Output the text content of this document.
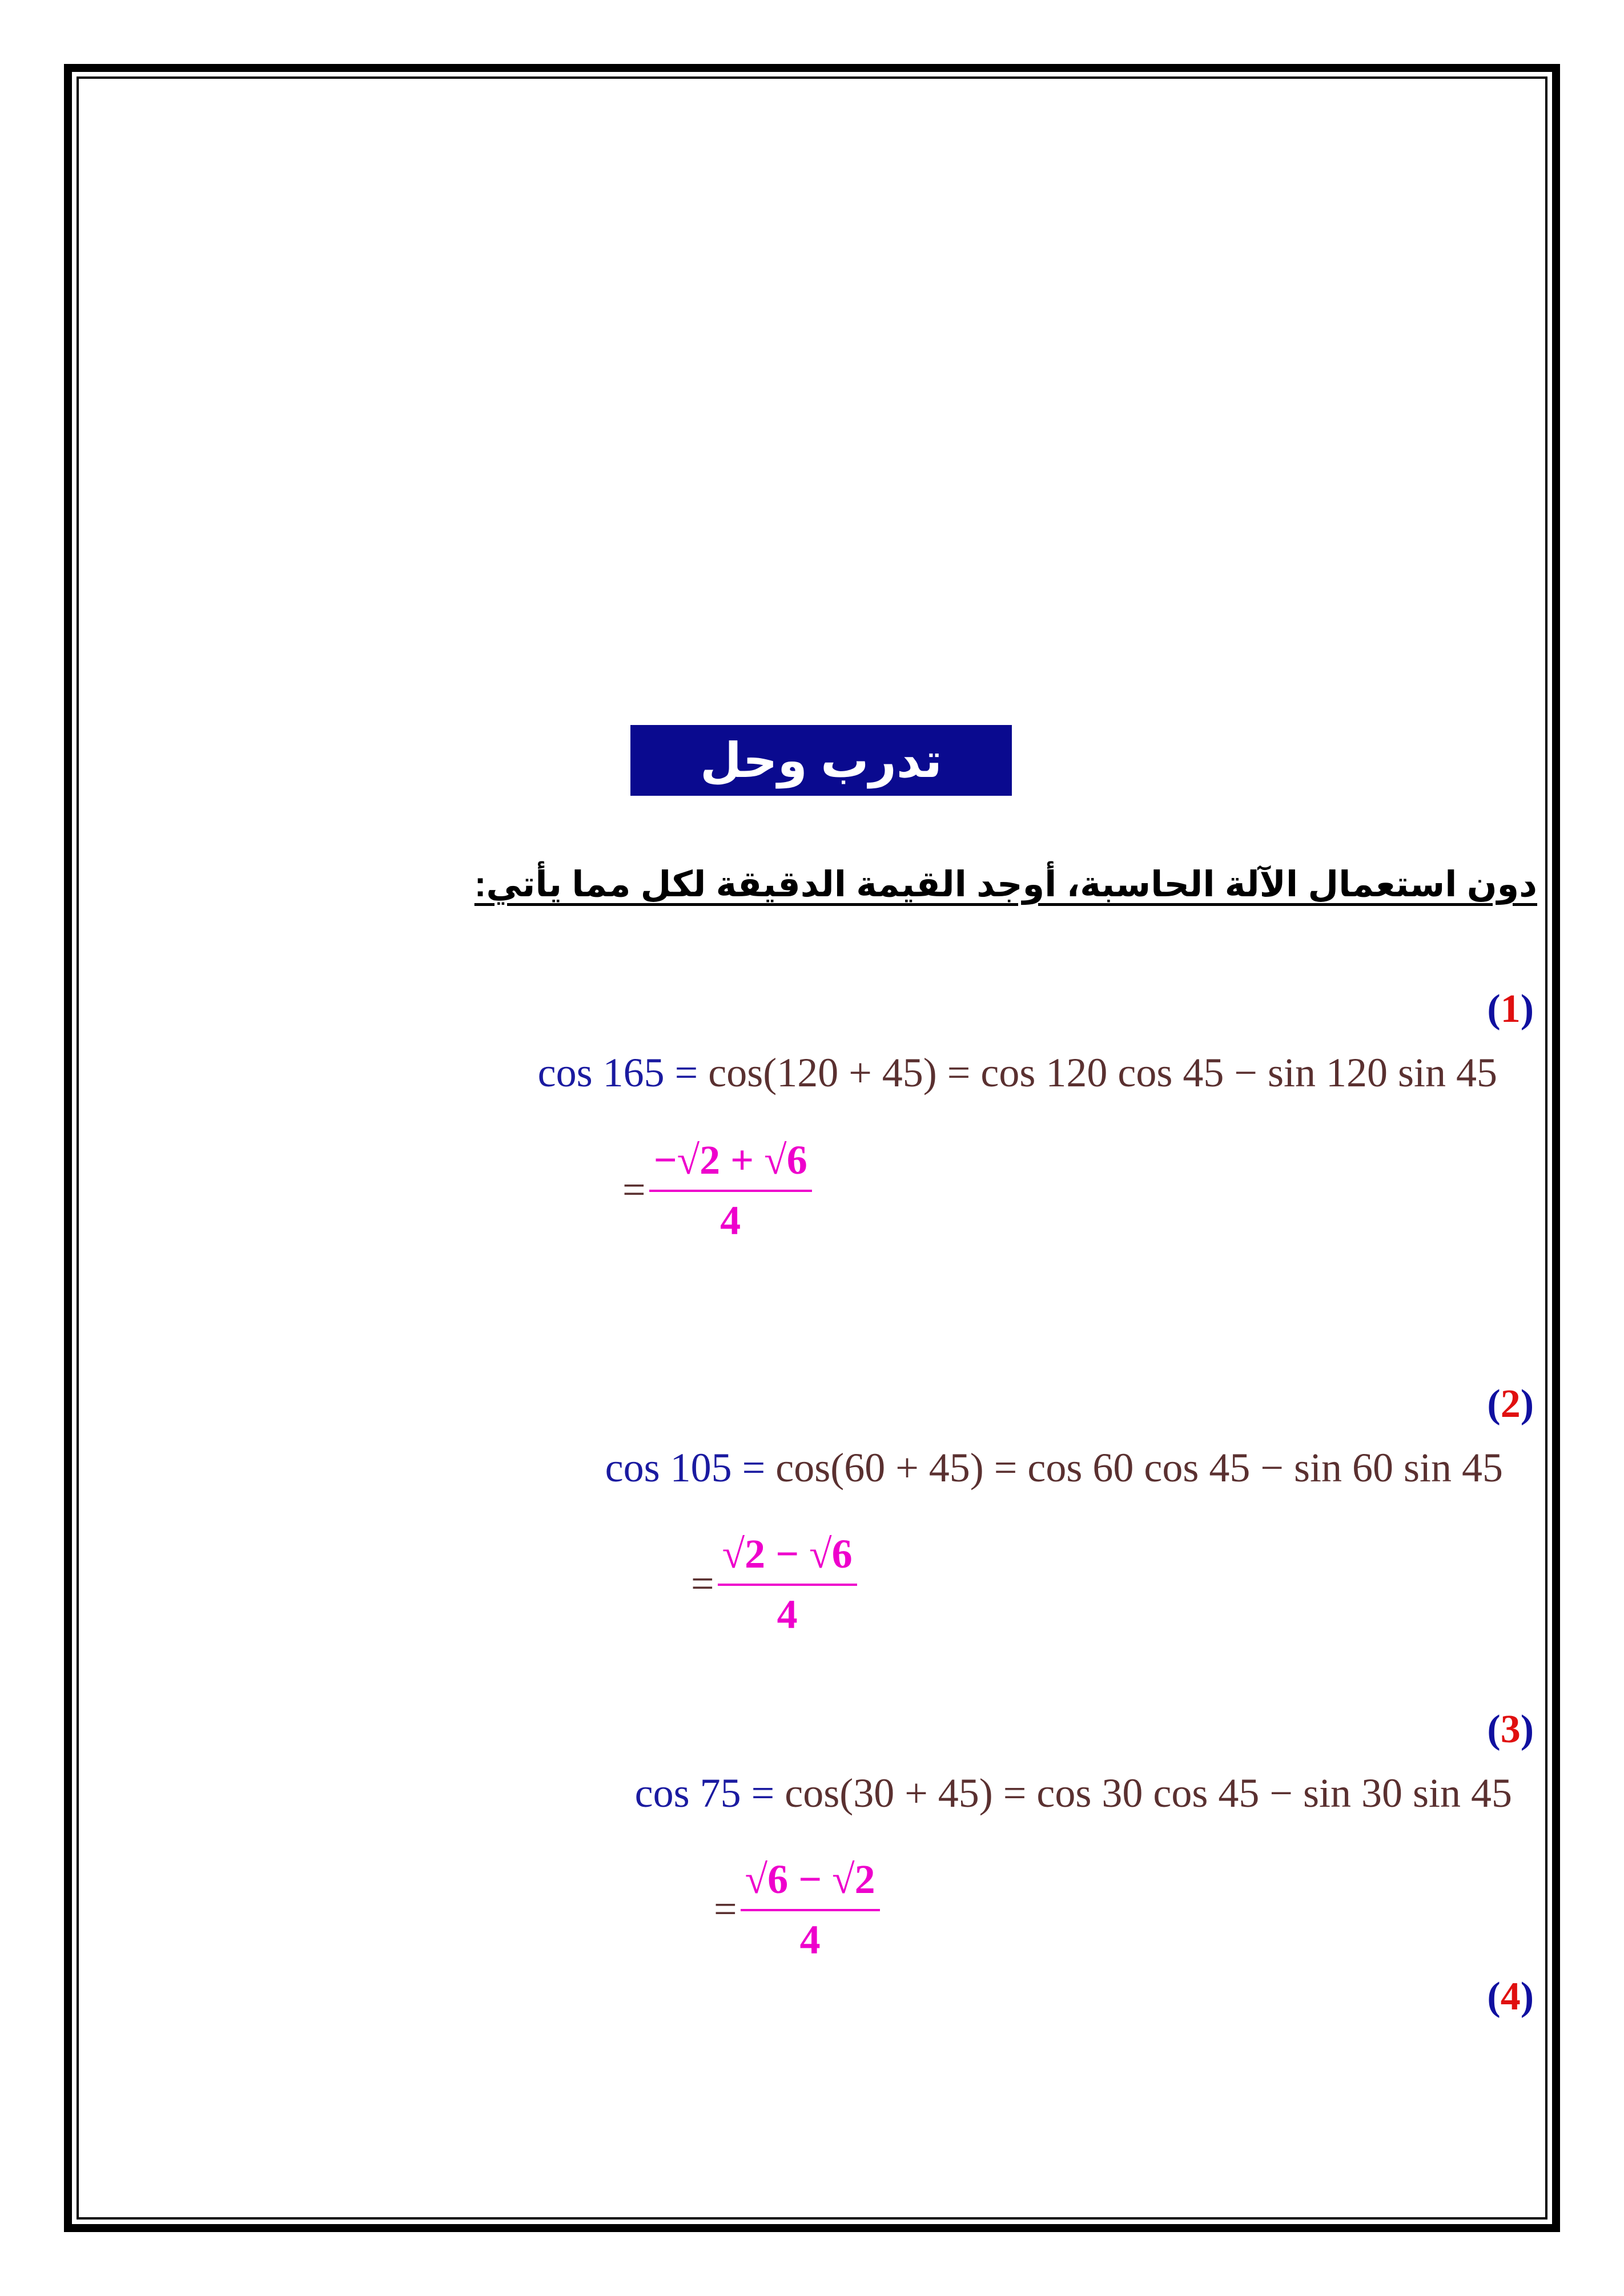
تدرب وحل المسائل
دون استعمال الآلة الحاسبة، أوجد القيمة الدقيقة لكل مما يأتي:
(1)
cos 165 = cos(120 + 45) = cos 120 cos 45 − sin 120 sin 45
= $\frac{-√2 + √6}{4}$
(2)
cos 105 = cos(60 + 45) = cos 60 cos 45 − sin 60 sin 45
= $\frac{√2 - √6}{4}$
(3)
cos 75 = cos(30 + 45) = cos 30 cos 45 − sin 30 sin 45
= $\frac{√6 - √2}{4}$
(4)
